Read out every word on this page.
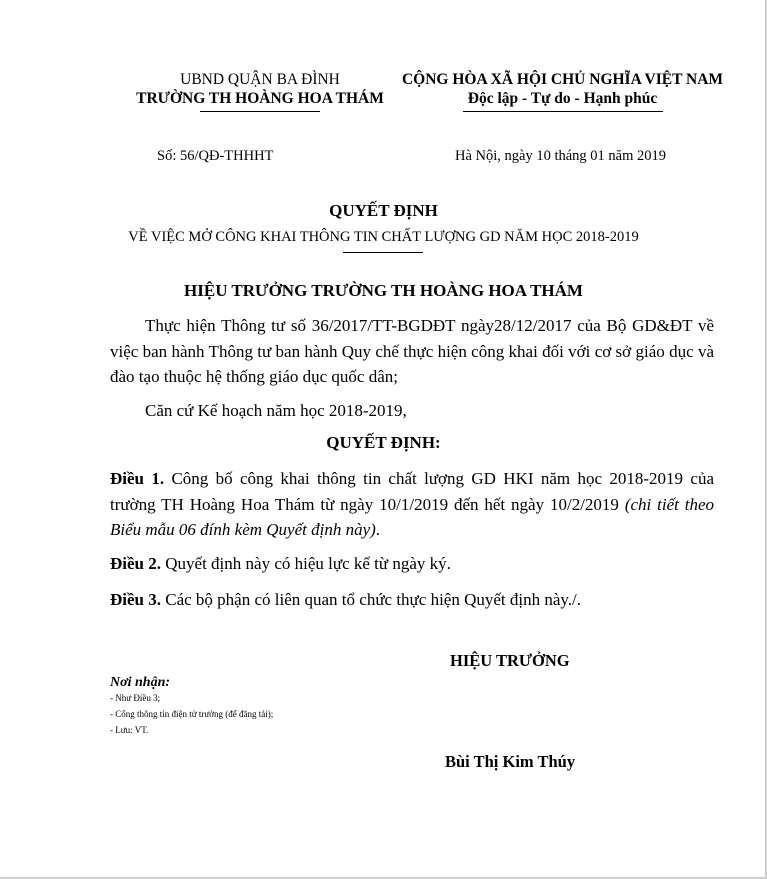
UBND QUẬN BA ĐÌNH
TRƯỜNG TH HOÀNG HOA THÁM
CỘNG HÒA XÃ HỘI CHỦ NGHĨA VIỆT NAM
Độc lập - Tự do - Hạnh phúc
Số: 56/QĐ-THHHT	Hà Nội, ngày 10 tháng 01 năm 2019
QUYẾT ĐỊNH
VỀ VIỆC MỞ CÔNG KHAI THÔNG TIN CHẤT LƯỢNG GD NĂM HỌC 2018-2019
HIỆU TRƯỞNG TRƯỜNG TH HOÀNG HOA THÁM
Thực hiện Thông tư số 36/2017/TT-BGDĐT ngày28/12/2017 của Bộ GD&ĐT về việc ban hành Thông tư ban hành Quy chế thực hiện công khai đối với cơ sở giáo dục và đào tạo thuộc hệ thống giáo dục quốc dân;
Căn cứ Kế hoạch năm học 2018-2019,
QUYẾT ĐỊNH:
Điều 1. Công bố công khai thông tin chất lượng GD HKI năm học 2018-2019 của trường TH Hoàng Hoa Thám từ ngày 10/1/2019 đến hết ngày 10/2/2019 (chi tiết theo Biểu mẫu 06 đính kèm Quyết định này).
Điều 2. Quyết định này có hiệu lực kể từ ngày ký.
Điều 3. Các bộ phận có liên quan tổ chức thực hiện Quyết định này./.
HIỆU TRƯỞNG
Nơi nhận:
- Như Điều 3;
- Cổng thông tin điện tử trường (để đăng tải);
- Lưu: VT.
Bùi Thị Kim Thúy
